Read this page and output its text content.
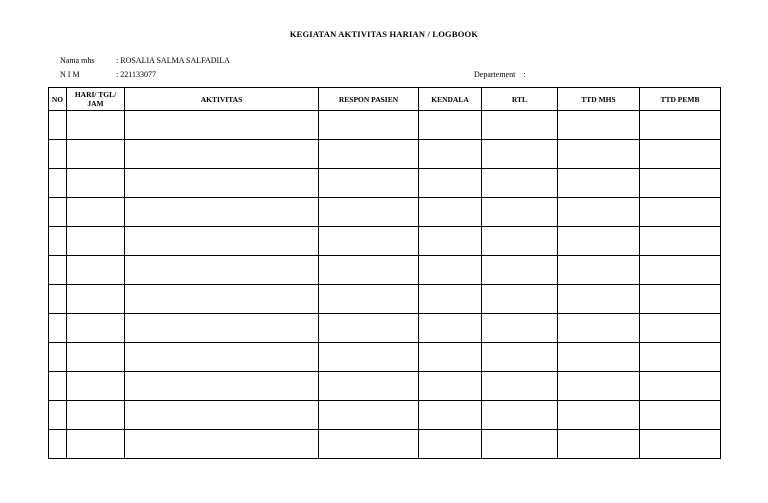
KEGIATAN AKTIVITAS HARIAN / LOGBOOK
Nama mhs	: ROSALIA SALMA SALFADILA
N I M	: 221133077	Departement :
NO	HARI/ TGL/ JAM	AKTIVITAS	RESPON PASIEN	KENDALA	RTL	TTD MHS	TTD PEMB
